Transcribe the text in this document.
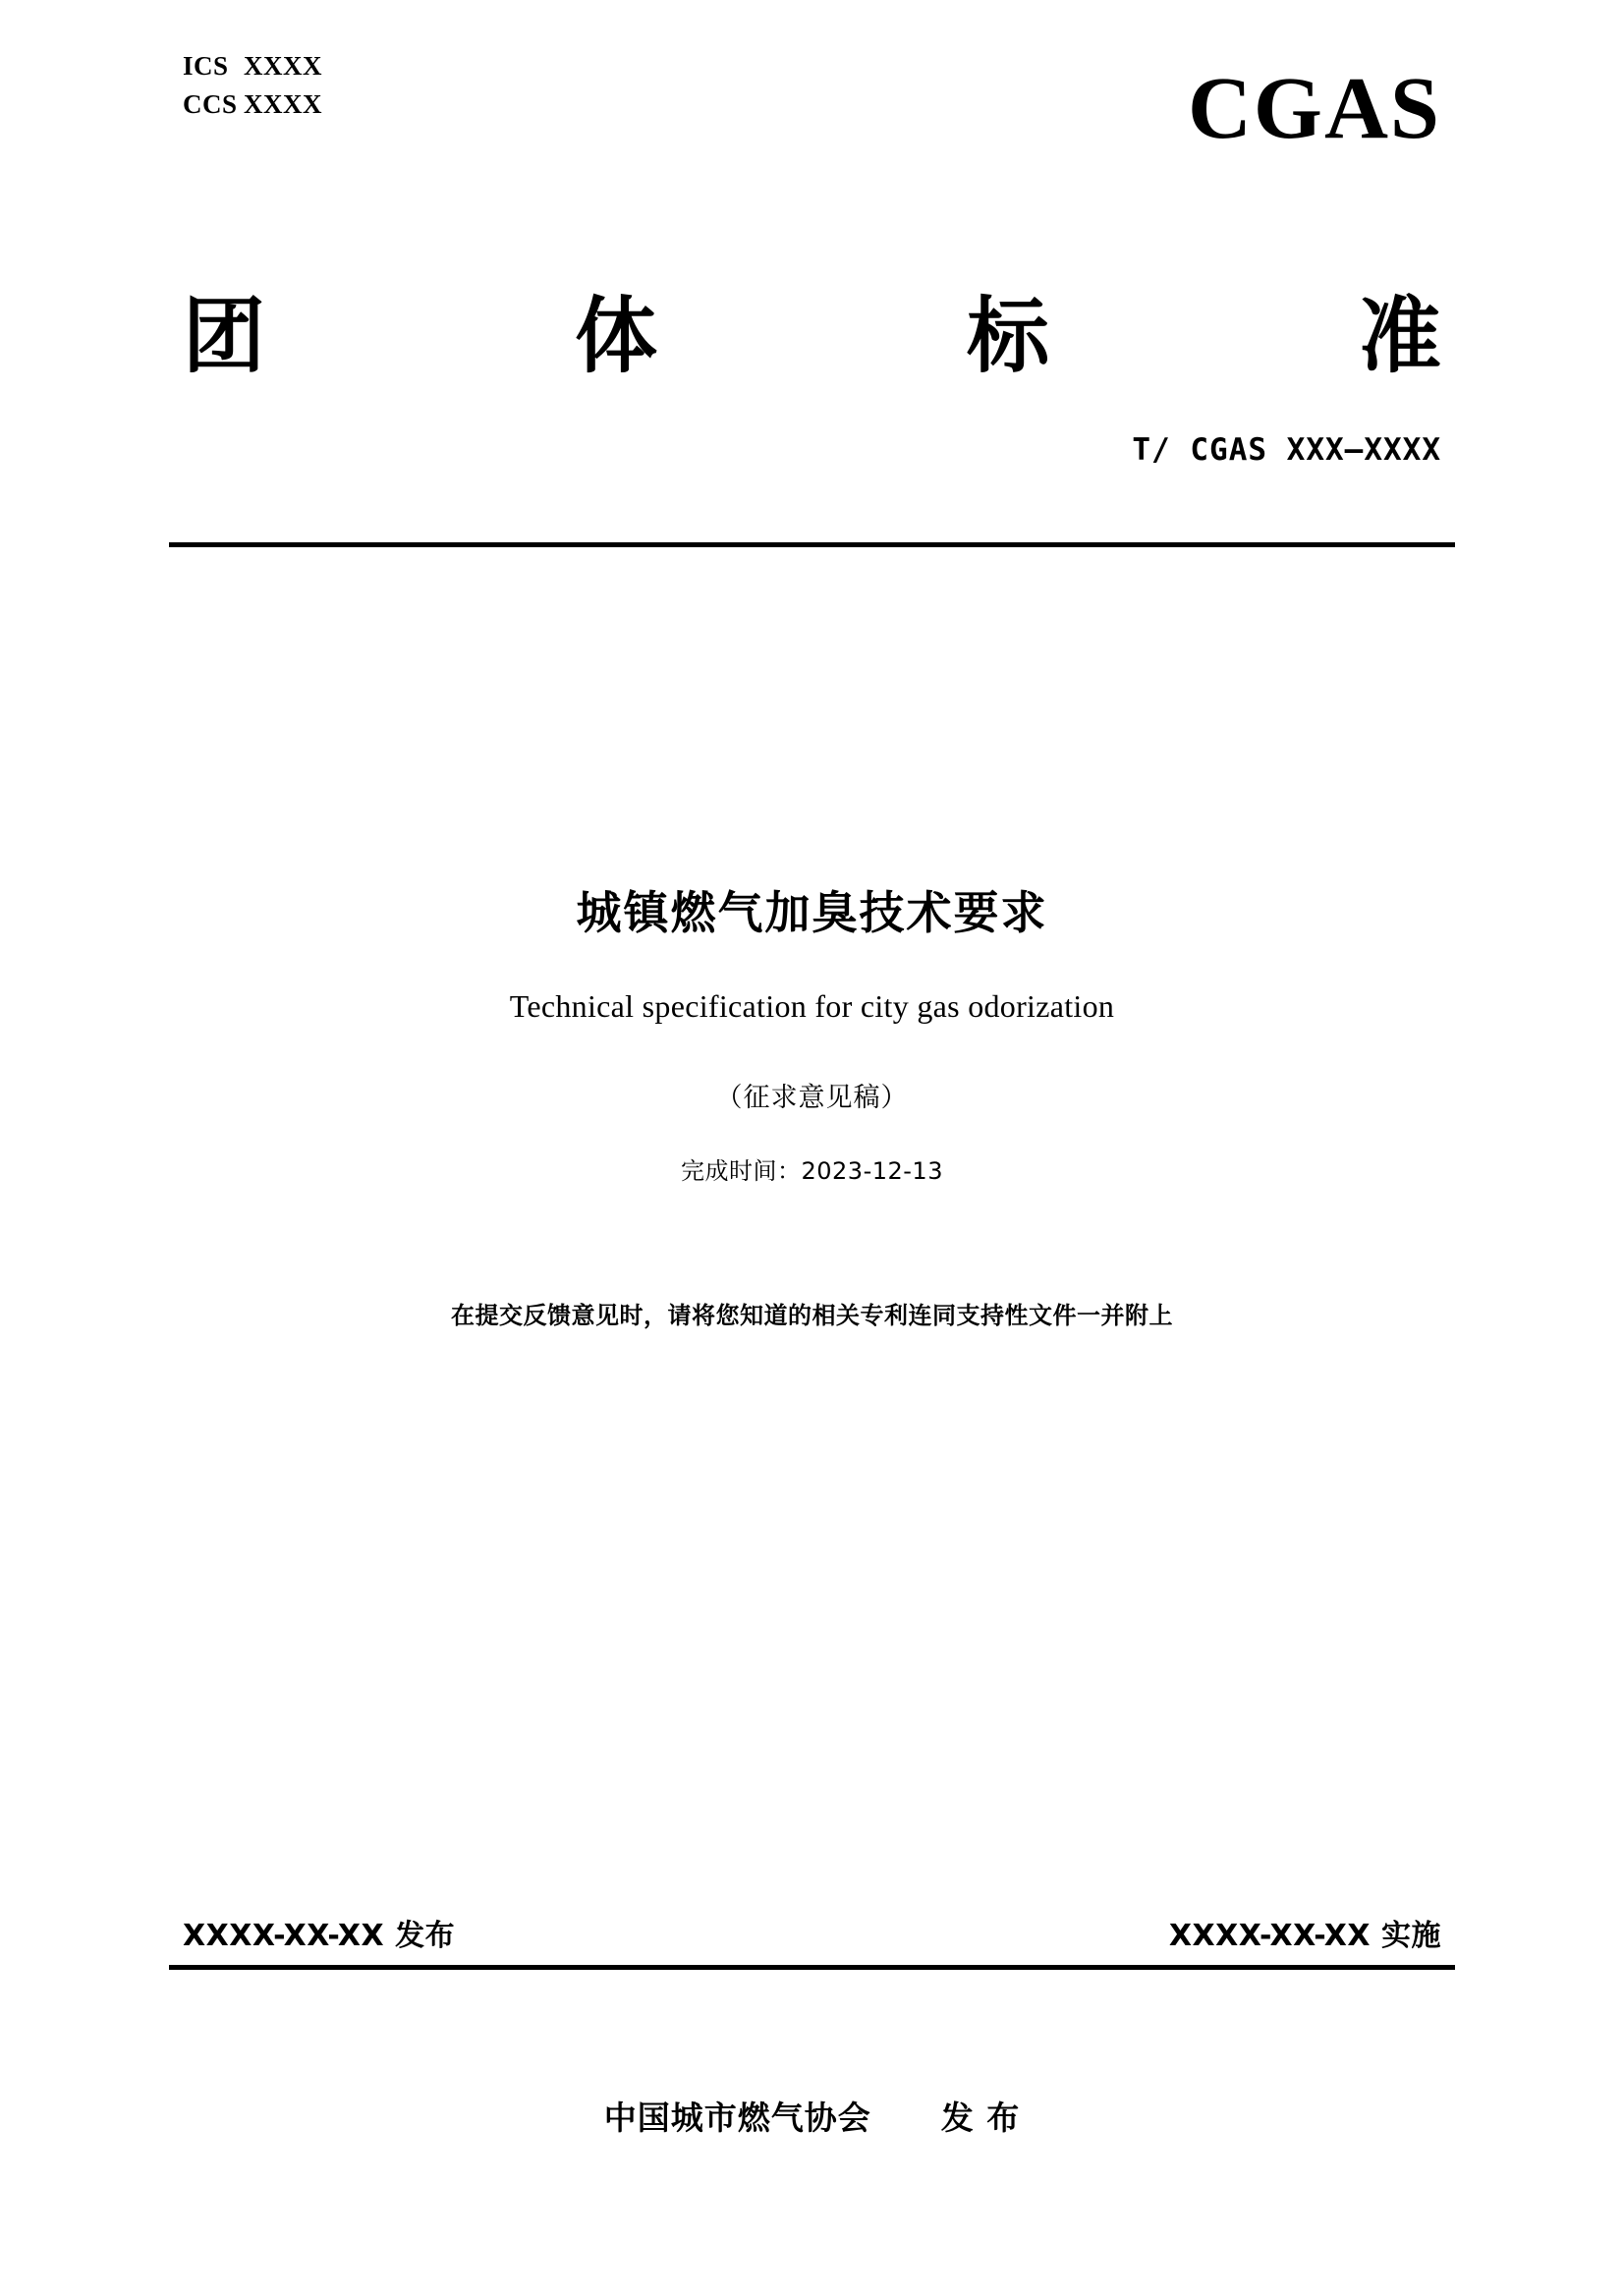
ICS XXXX
CCS XXXX	CGAS
团	体	标	准
T/ CGAS XXX—XXXX
城镇燃气加臭技术要求
Technical specification for city gas odorization
（征求意见稿）
完成时间：2023-12-13
在提交反馈意见时，请将您知道的相关专利连同支持性文件一并附上
XXXX-XX-XX 发布	XXXX-XX-XX 实施
中国城市燃气协会 发 布
